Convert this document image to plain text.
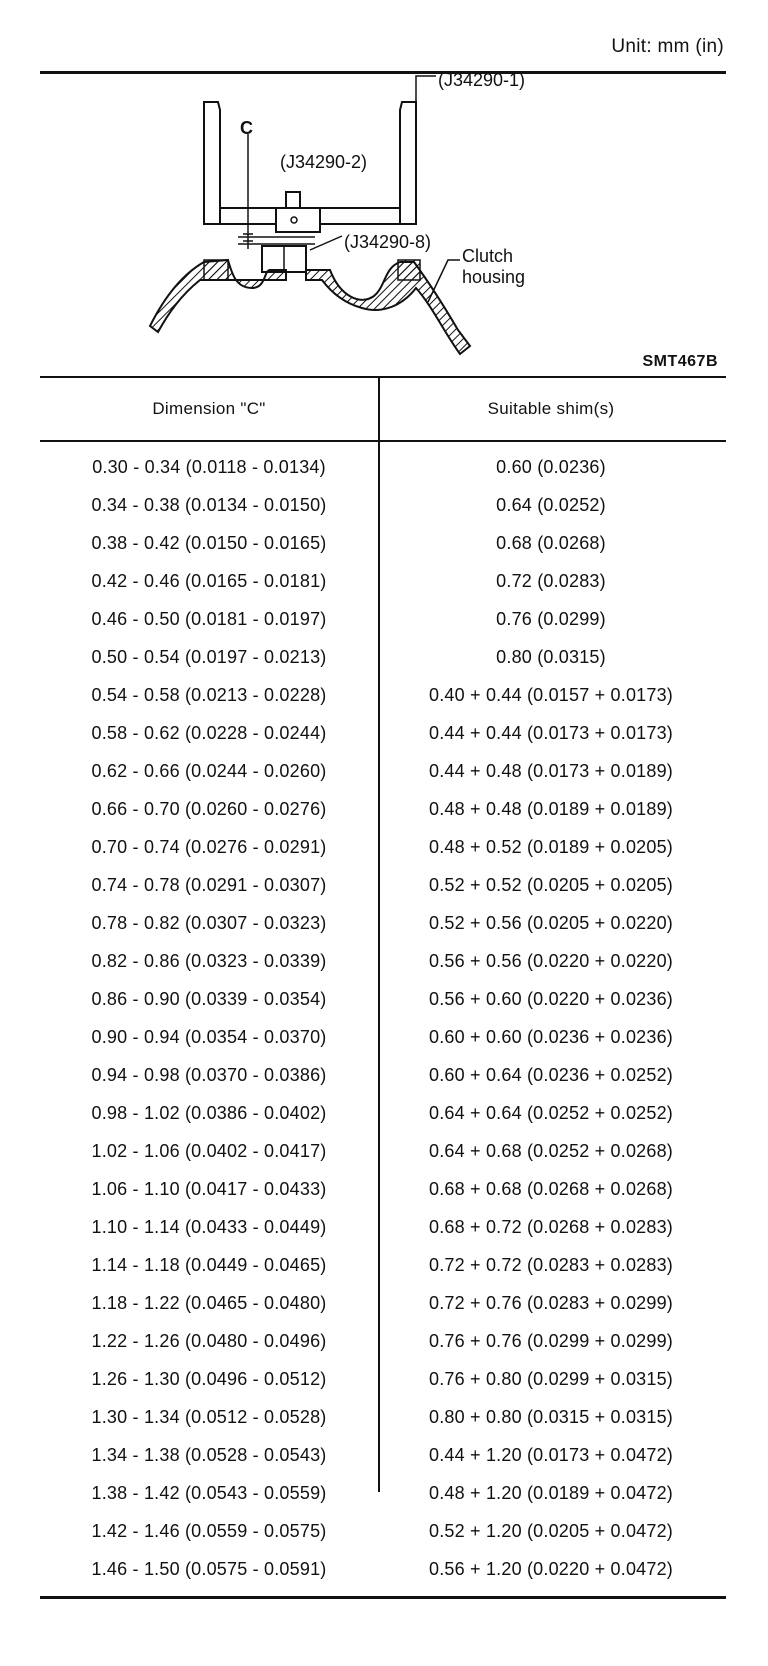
Unit: mm (in)
(J34290-1)
C
(J34290-2)
(J34290-8)
Clutch
housing
SMT467B
Dimension "C"	Suitable shim(s)
0.30 - 0.34 (0.0118 - 0.0134)	0.60 (0.0236)
0.34 - 0.38 (0.0134 - 0.0150)	0.64 (0.0252)
0.38 - 0.42 (0.0150 - 0.0165)	0.68 (0.0268)
0.42 - 0.46 (0.0165 - 0.0181)	0.72 (0.0283)
0.46 - 0.50 (0.0181 - 0.0197)	0.76 (0.0299)
0.50 - 0.54 (0.0197 - 0.0213)	0.80 (0.0315)
0.54 - 0.58 (0.0213 - 0.0228)	0.40 + 0.44 (0.0157 + 0.0173)
0.58 - 0.62 (0.0228 - 0.0244)	0.44 + 0.44 (0.0173 + 0.0173)
0.62 - 0.66 (0.0244 - 0.0260)	0.44 + 0.48 (0.0173 + 0.0189)
0.66 - 0.70 (0.0260 - 0.0276)	0.48 + 0.48 (0.0189 + 0.0189)
0.70 - 0.74 (0.0276 - 0.0291)	0.48 + 0.52 (0.0189 + 0.0205)
0.74 - 0.78 (0.0291 - 0.0307)	0.52 + 0.52 (0.0205 + 0.0205)
0.78 - 0.82 (0.0307 - 0.0323)	0.52 + 0.56 (0.0205 + 0.0220)
0.82 - 0.86 (0.0323 - 0.0339)	0.56 + 0.56 (0.0220 + 0.0220)
0.86 - 0.90 (0.0339 - 0.0354)	0.56 + 0.60 (0.0220 + 0.0236)
0.90 - 0.94 (0.0354 - 0.0370)	0.60 + 0.60 (0.0236 + 0.0236)
0.94 - 0.98 (0.0370 - 0.0386)	0.60 + 0.64 (0.0236 + 0.0252)
0.98 - 1.02 (0.0386 - 0.0402)	0.64 + 0.64 (0.0252 + 0.0252)
1.02 - 1.06 (0.0402 - 0.0417)	0.64 + 0.68 (0.0252 + 0.0268)
1.06 - 1.10 (0.0417 - 0.0433)	0.68 + 0.68 (0.0268 + 0.0268)
1.10 - 1.14 (0.0433 - 0.0449)	0.68 + 0.72 (0.0268 + 0.0283)
1.14 - 1.18 (0.0449 - 0.0465)	0.72 + 0.72 (0.0283 + 0.0283)
1.18 - 1.22 (0.0465 - 0.0480)	0.72 + 0.76 (0.0283 + 0.0299)
1.22 - 1.26 (0.0480 - 0.0496)	0.76 + 0.76 (0.0299 + 0.0299)
1.26 - 1.30 (0.0496 - 0.0512)	0.76 + 0.80 (0.0299 + 0.0315)
1.30 - 1.34 (0.0512 - 0.0528)	0.80 + 0.80 (0.0315 + 0.0315)
1.34 - 1.38 (0.0528 - 0.0543)	0.44 + 1.20 (0.0173 + 0.0472)
1.38 - 1.42 (0.0543 - 0.0559)	0.48 + 1.20 (0.0189 + 0.0472)
1.42 - 1.46 (0.0559 - 0.0575)	0.52 + 1.20 (0.0205 + 0.0472)
1.46 - 1.50 (0.0575 - 0.0591)	0.56 + 1.20 (0.0220 + 0.0472)
